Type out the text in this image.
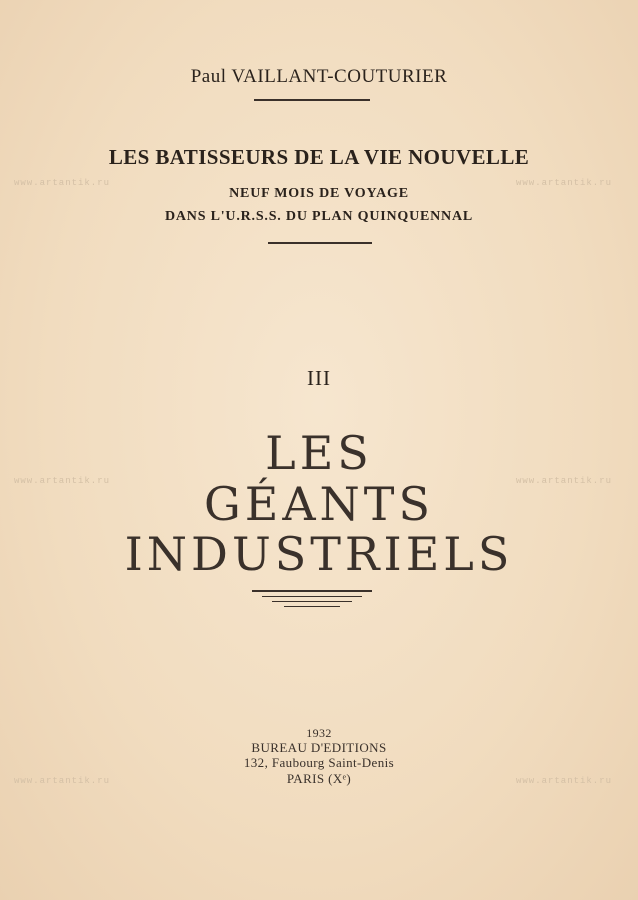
www.artantik.ru	www.artantik.ru
www.artantik.ru	www.artantik.ru
www.artantik.ru	www.artantik.ru
Paul VAILLANT-COUTURIER
LES BATISSEURS DE LA VIE NOUVELLE
NEUF MOIS DE VOYAGE
DANS L'U.R.S.S. DU PLAN QUINQUENNAL
III
LES
GÉANTS
INDUSTRIELS
1932
BUREAU D'EDITIONS
132, Faubourg Saint-Denis
PARIS (Xᵉ)
